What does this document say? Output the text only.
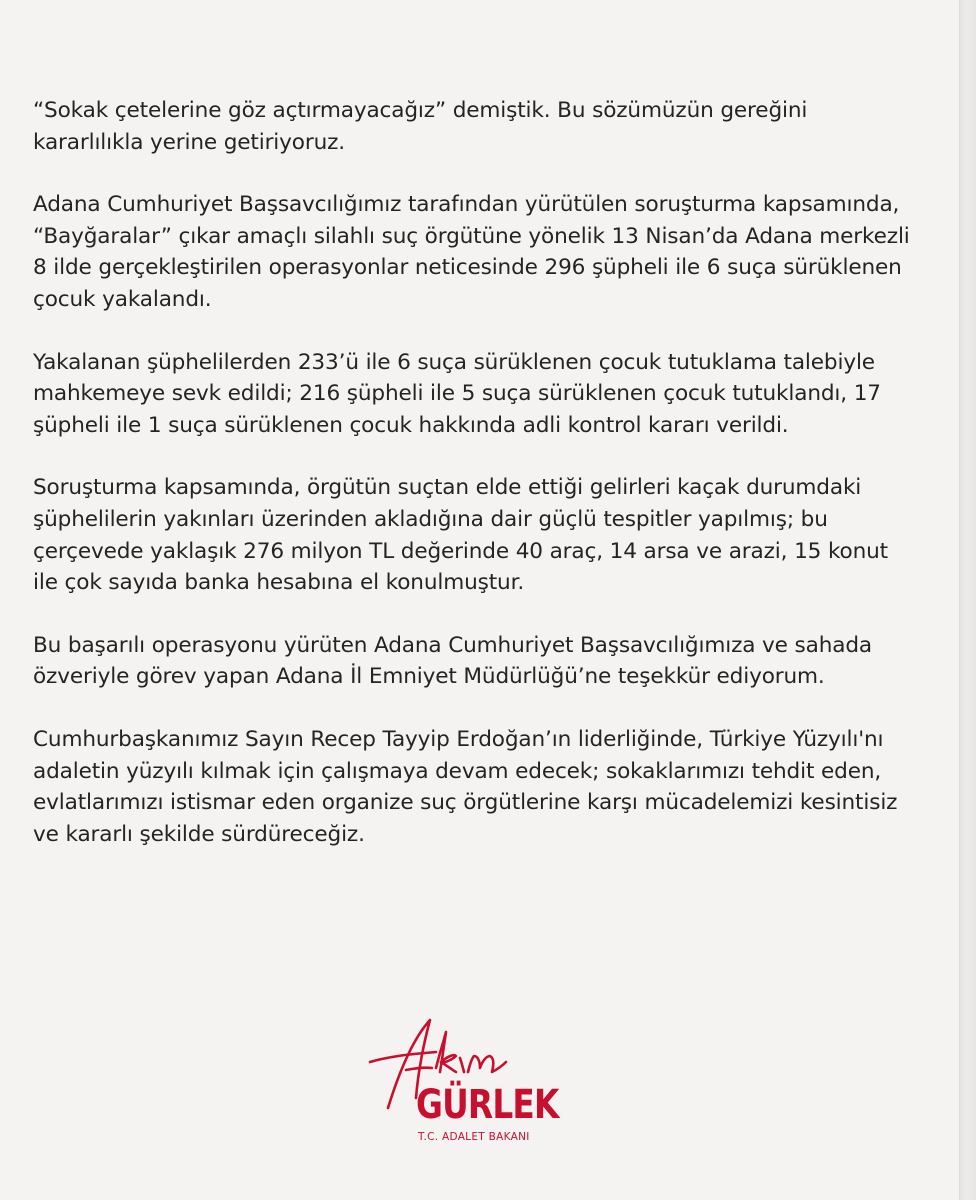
“Sokak çetelerine göz açtırmayacağız” demiştik. Bu sözümüzün gereğini kararlılıkla yerine getiriyoruz.

Adana Cumhuriyet Başsavcılığımız tarafından yürütülen soruşturma kapsamında, “Bayğaralar” çıkar amaçlı silahlı suç örgütüne yönelik 13 Nisan’da Adana merkezli 8 ilde gerçekleştirilen operasyonlar neticesinde 296 şüpheli ile 6 suça sürüklenen çocuk yakalandı.

Yakalanan şüphelilerden 233’ü ile 6 suça sürüklenen çocuk tutuklama talebiyle mahkemeye sevk edildi; 216 şüpheli ile 5 suça sürüklenen çocuk tutuklandı, 17 şüpheli ile 1 suça sürüklenen çocuk hakkında adli kontrol kararı verildi.

Soruşturma kapsamında, örgütün suçtan elde ettiği gelirleri kaçak durumdaki şüphelilerin yakınları üzerinden akladığına dair güçlü tespitler yapılmış; bu çerçevede yaklaşık 276 milyon TL değerinde 40 araç, 14 arsa ve arazi, 15 konut ile çok sayıda banka hesabına el konulmuştur.

Bu başarılı operasyonu yürüten Adana Cumhuriyet Başsavcılığımıza ve sahada özveriyle görev yapan Adana İl Emniyet Müdürlüğü’ne teşekkür ediyorum.

Cumhurbaşkanımız Sayın Recep Tayyip Erdoğan’ın liderliğinde, Türkiye Yüzyılı'nı adaletin yüzyılı kılmak için çalışmaya devam edecek; sokaklarımızı tehdit eden, evlatlarımızı istismar eden organize suç örgütlerine karşı mücadelemizi kesintisiz ve kararlı şekilde sürdüreceğiz.

GÜRLEK
T.C. ADALET BAKANI
